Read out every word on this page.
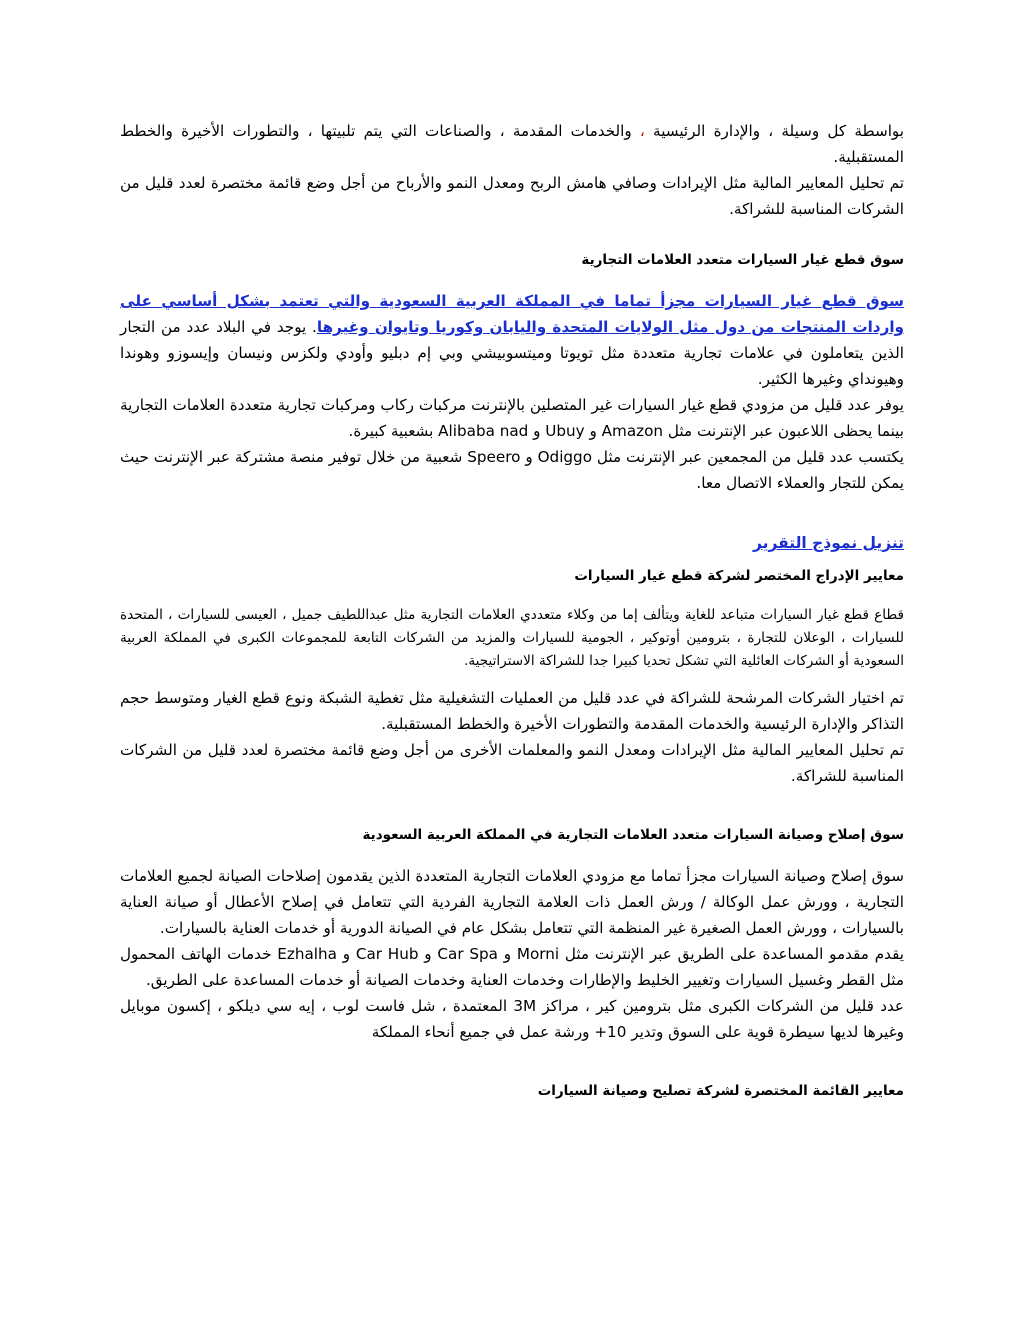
بواسطة كل وسيلة ، والإدارة الرئيسية ، والخدمات المقدمة ، والصناعات التي يتم تلبيتها ، والتطورات الأخيرة والخطط المستقبلية.

تم تحليل المعايير المالية مثل الإيرادات وصافي هامش الربح ومعدل النمو والأرباح من أجل وضع قائمة مختصرة لعدد قليل من الشركات المناسبة للشراكة.

سوق قطع غيار السيارات متعدد العلامات التجارية

سوق قطع غيار السيارات مجزأ تماما في المملكة العربية السعودية والتي تعتمد بشكل أساسي على واردات المنتجات من دول مثل الولايات المتحدة واليابان وكوريا وتايوان وغيرها. يوجد في البلاد عدد من التجار الذين يتعاملون في علامات تجارية متعددة مثل تويوتا وميتسوبيشي وبي إم دبليو وأودي ولكزس ونيسان وإيسوزو وهوندا وهيونداي وغيرها الكثير.

يوفر عدد قليل من مزودي قطع غيار السيارات غير المتصلين بالإنترنت مركبات ركاب ومركبات تجارية متعددة العلامات التجارية بينما يحظى اللاعبون عبر الإنترنت مثل Amazon و Ubuy و Alibaba nad بشعبية كبيرة.

يكتسب عدد قليل من المجمعين عبر الإنترنت مثل Odiggo و Speero شعبية من خلال توفير منصة مشتركة عبر الإنترنت حيث يمكن للتجار والعملاء الاتصال معا.

تنزيل نموذج التقرير

معايير الإدراج المختصر لشركة قطع غيار السيارات

قطاع قطع غيار السيارات متباعد للغاية ويتألف إما من وكلاء متعددي العلامات التجارية مثل عبداللطيف جميل ، العيسى للسيارات ، المتحدة للسيارات ، الوعلان للتجارة ، بترومين أوتوكير ، الجومية للسيارات والمزيد من الشركات التابعة للمجموعات الكبرى في المملكة العربية السعودية أو الشركات العائلية التي تشكل تحديا كبيرا جدا للشراكة الاستراتيجية.

تم اختيار الشركات المرشحة للشراكة في عدد قليل من العمليات التشغيلية مثل تغطية الشبكة ونوع قطع الغيار ومتوسط حجم التذاكر والإدارة الرئيسية والخدمات المقدمة والتطورات الأخيرة والخطط المستقبلية.

تم تحليل المعايير المالية مثل الإيرادات ومعدل النمو والمعلمات الأخرى من أجل وضع قائمة مختصرة لعدد قليل من الشركات المناسبة للشراكة.

سوق إصلاح وصيانة السيارات متعدد العلامات التجارية في المملكة العربية السعودية

سوق إصلاح وصيانة السيارات مجزأ تماما مع مزودي العلامات التجارية المتعددة الذين يقدمون إصلاحات الصيانة لجميع العلامات التجارية ، وورش عمل الوكالة / ورش العمل ذات العلامة التجارية الفردية التي تتعامل في إصلاح الأعطال أو صيانة العناية بالسيارات ، وورش العمل الصغيرة غير المنظمة التي تتعامل بشكل عام في الصيانة الدورية أو خدمات العناية بالسيارات.

يقدم مقدمو المساعدة على الطريق عبر الإنترنت مثل Morni و Car Spa و Car Hub و Ezhalha خدمات الهاتف المحمول مثل القطر وغسيل السيارات وتغيير الخليط والإطارات وخدمات العناية وخدمات الصيانة أو خدمات المساعدة على الطريق.

عدد قليل من الشركات الكبرى مثل بترومين كير ، مراكز 3M المعتمدة ، شل فاست لوب ، إيه سي ديلكو ، إكسون موبايل وغيرها لديها سيطرة قوية على السوق وتدير 10+ ورشة عمل في جميع أنحاء المملكة

معايير القائمة المختصرة لشركة تصليح وصيانة السيارات
